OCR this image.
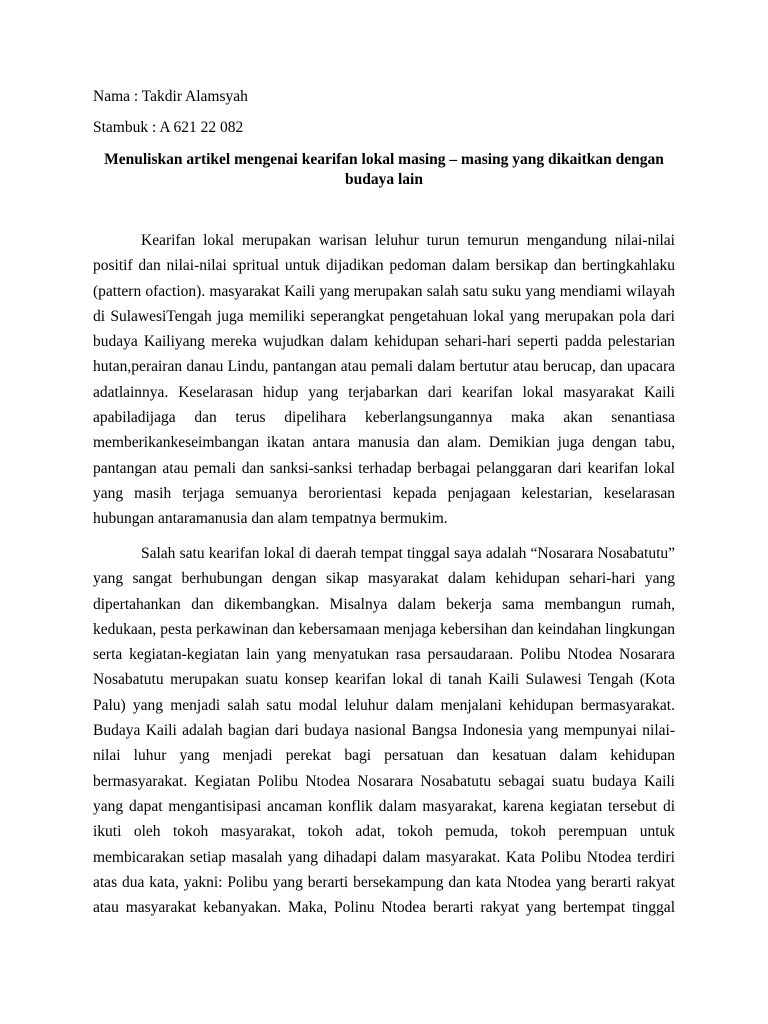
Nama : Takdir Alamsyah
Stambuk : A 621 22 082
Menuliskan artikel mengenai kearifan lokal masing – masing yang dikaitkan dengan
budaya lain
Kearifan lokal merupakan warisan leluhur turun temurun mengandung nilai-nilai
positif dan nilai-nilai spritual untuk dijadikan pedoman dalam bersikap dan bertingkahlaku
(pattern ofaction). masyarakat Kaili yang merupakan salah satu suku yang mendiami wilayah
di SulawesiTengah juga memiliki seperangkat pengetahuan lokal yang merupakan pola dari
budaya Kailiyang mereka wujudkan dalam kehidupan sehari-hari seperti padda pelestarian
hutan,perairan danau Lindu, pantangan atau pemali dalam bertutur atau berucap, dan upacara
adatlainnya. Keselarasan hidup yang terjabarkan dari kearifan lokal masyarakat Kaili
apabiladijaga dan terus dipelihara keberlangsungannya maka akan senantiasa
memberikankeseimbangan ikatan antara manusia dan alam. Demikian juga dengan tabu,
pantangan atau pemali dan sanksi-sanksi terhadap berbagai pelanggaran dari kearifan lokal
yang masih terjaga semuanya berorientasi kepada penjagaan kelestarian, keselarasan
hubungan antaramanusia dan alam tempatnya bermukim.
Salah satu kearifan lokal di daerah tempat tinggal saya adalah “Nosarara Nosabatutu”
yang sangat berhubungan dengan sikap masyarakat dalam kehidupan sehari-hari yang
dipertahankan dan dikembangkan. Misalnya dalam bekerja sama membangun rumah,
kedukaan, pesta perkawinan dan kebersamaan menjaga kebersihan dan keindahan lingkungan
serta kegiatan-kegiatan lain yang menyatukan rasa persaudaraan. Polibu Ntodea Nosarara
Nosabatutu merupakan suatu konsep kearifan lokal di tanah Kaili Sulawesi Tengah (Kota
Palu) yang menjadi salah satu modal leluhur dalam menjalani kehidupan bermasyarakat.
Budaya Kaili adalah bagian dari budaya nasional Bangsa Indonesia yang mempunyai nilai-
nilai luhur yang menjadi perekat bagi persatuan dan kesatuan dalam kehidupan
bermasyarakat. Kegiatan Polibu Ntodea Nosarara Nosabatutu sebagai suatu budaya Kaili
yang dapat mengantisipasi ancaman konflik dalam masyarakat, karena kegiatan tersebut di
ikuti oleh tokoh masyarakat, tokoh adat, tokoh pemuda, tokoh perempuan untuk
membicarakan setiap masalah yang dihadapi dalam masyarakat. Kata Polibu Ntodea terdiri
atas dua kata, yakni: Polibu yang berarti bersekampung dan kata Ntodea yang berarti rakyat
atau masyarakat kebanyakan. Maka, Polinu Ntodea berarti rakyat yang bertempat tinggal
